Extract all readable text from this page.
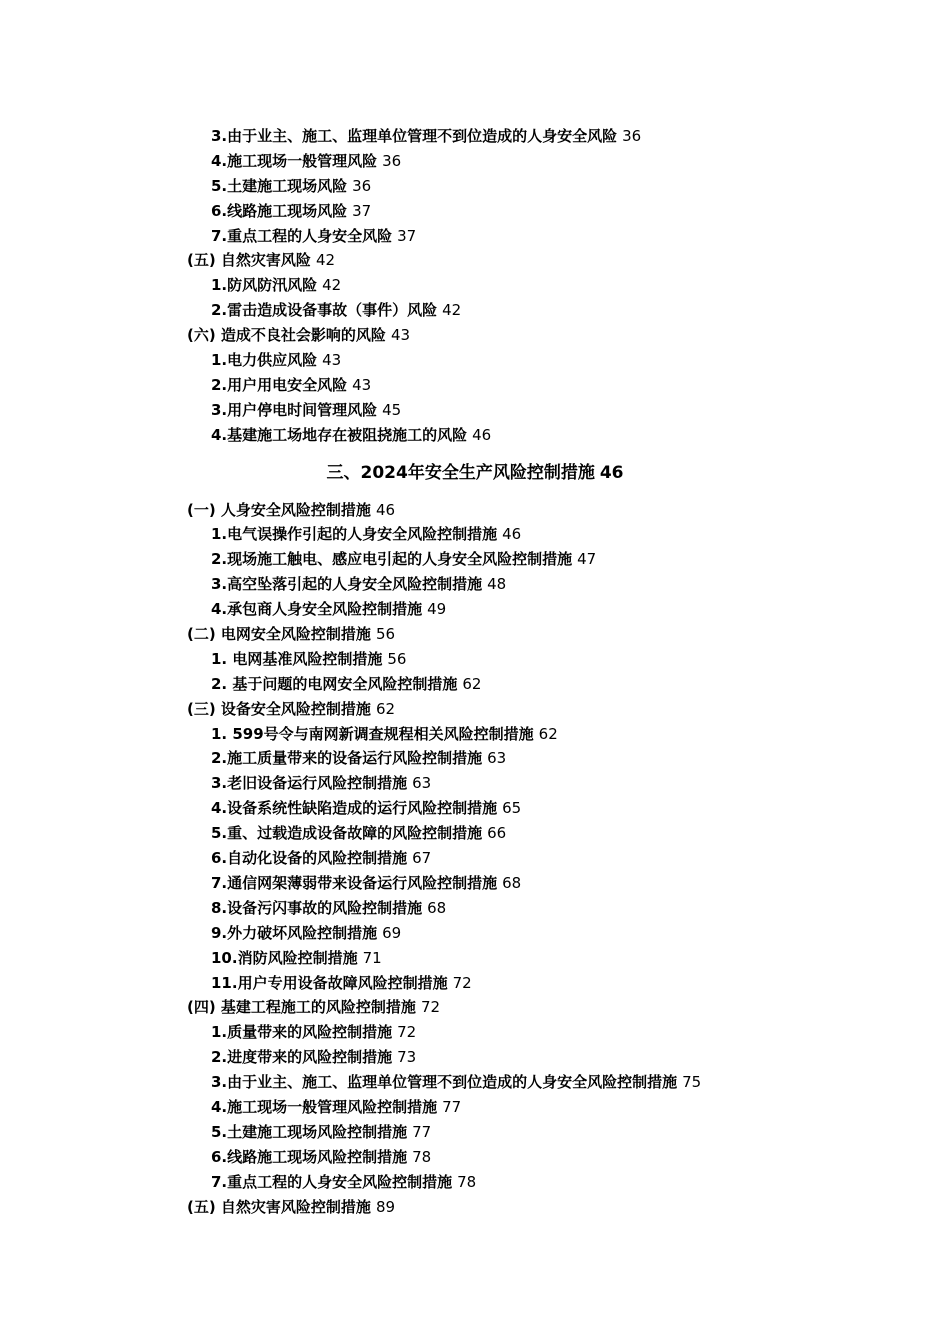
3.由于业主、施工、监理单位管理不到位造成的人身安全风险 36
4.施工现场一般管理风险 36
5.土建施工现场风险 36
6.线路施工现场风险 37
7.重点工程的人身安全风险 37
(五) 自然灾害风险 42
1.防风防汛风险 42
2.雷击造成设备事故（事件）风险 42
(六) 造成不良社会影响的风险 43
1.电力供应风险 43
2.用户用电安全风险 43
3.用户停电时间管理风险 45
4.基建施工场地存在被阻挠施工的风险 46
三、2024年安全生产风险控制措施 46
(一) 人身安全风险控制措施 46
1.电气误操作引起的人身安全风险控制措施 46
2.现场施工触电、感应电引起的人身安全风险控制措施 47
3.高空坠落引起的人身安全风险控制措施 48
4.承包商人身安全风险控制措施 49
(二) 电网安全风险控制措施 56
1. 电网基准风险控制措施 56
2. 基于问题的电网安全风险控制措施 62
(三) 设备安全风险控制措施 62
1. 599号令与南网新调查规程相关风险控制措施 62
2.施工质量带来的设备运行风险控制措施 63
3.老旧设备运行风险控制措施 63
4.设备系统性缺陷造成的运行风险控制措施 65
5.重、过载造成设备故障的风险控制措施 66
6.自动化设备的风险控制措施 67
7.通信网架薄弱带来设备运行风险控制措施 68
8.设备污闪事故的风险控制措施 68
9.外力破坏风险控制措施 69
10.消防风险控制措施 71
11.用户专用设备故障风险控制措施 72
(四) 基建工程施工的风险控制措施 72
1.质量带来的风险控制措施 72
2.进度带来的风险控制措施 73
3.由于业主、施工、监理单位管理不到位造成的人身安全风险控制措施 75
4.施工现场一般管理风险控制措施 77
5.土建施工现场风险控制措施 77
6.线路施工现场风险控制措施 78
7.重点工程的人身安全风险控制措施 78
(五) 自然灾害风险控制措施 89
